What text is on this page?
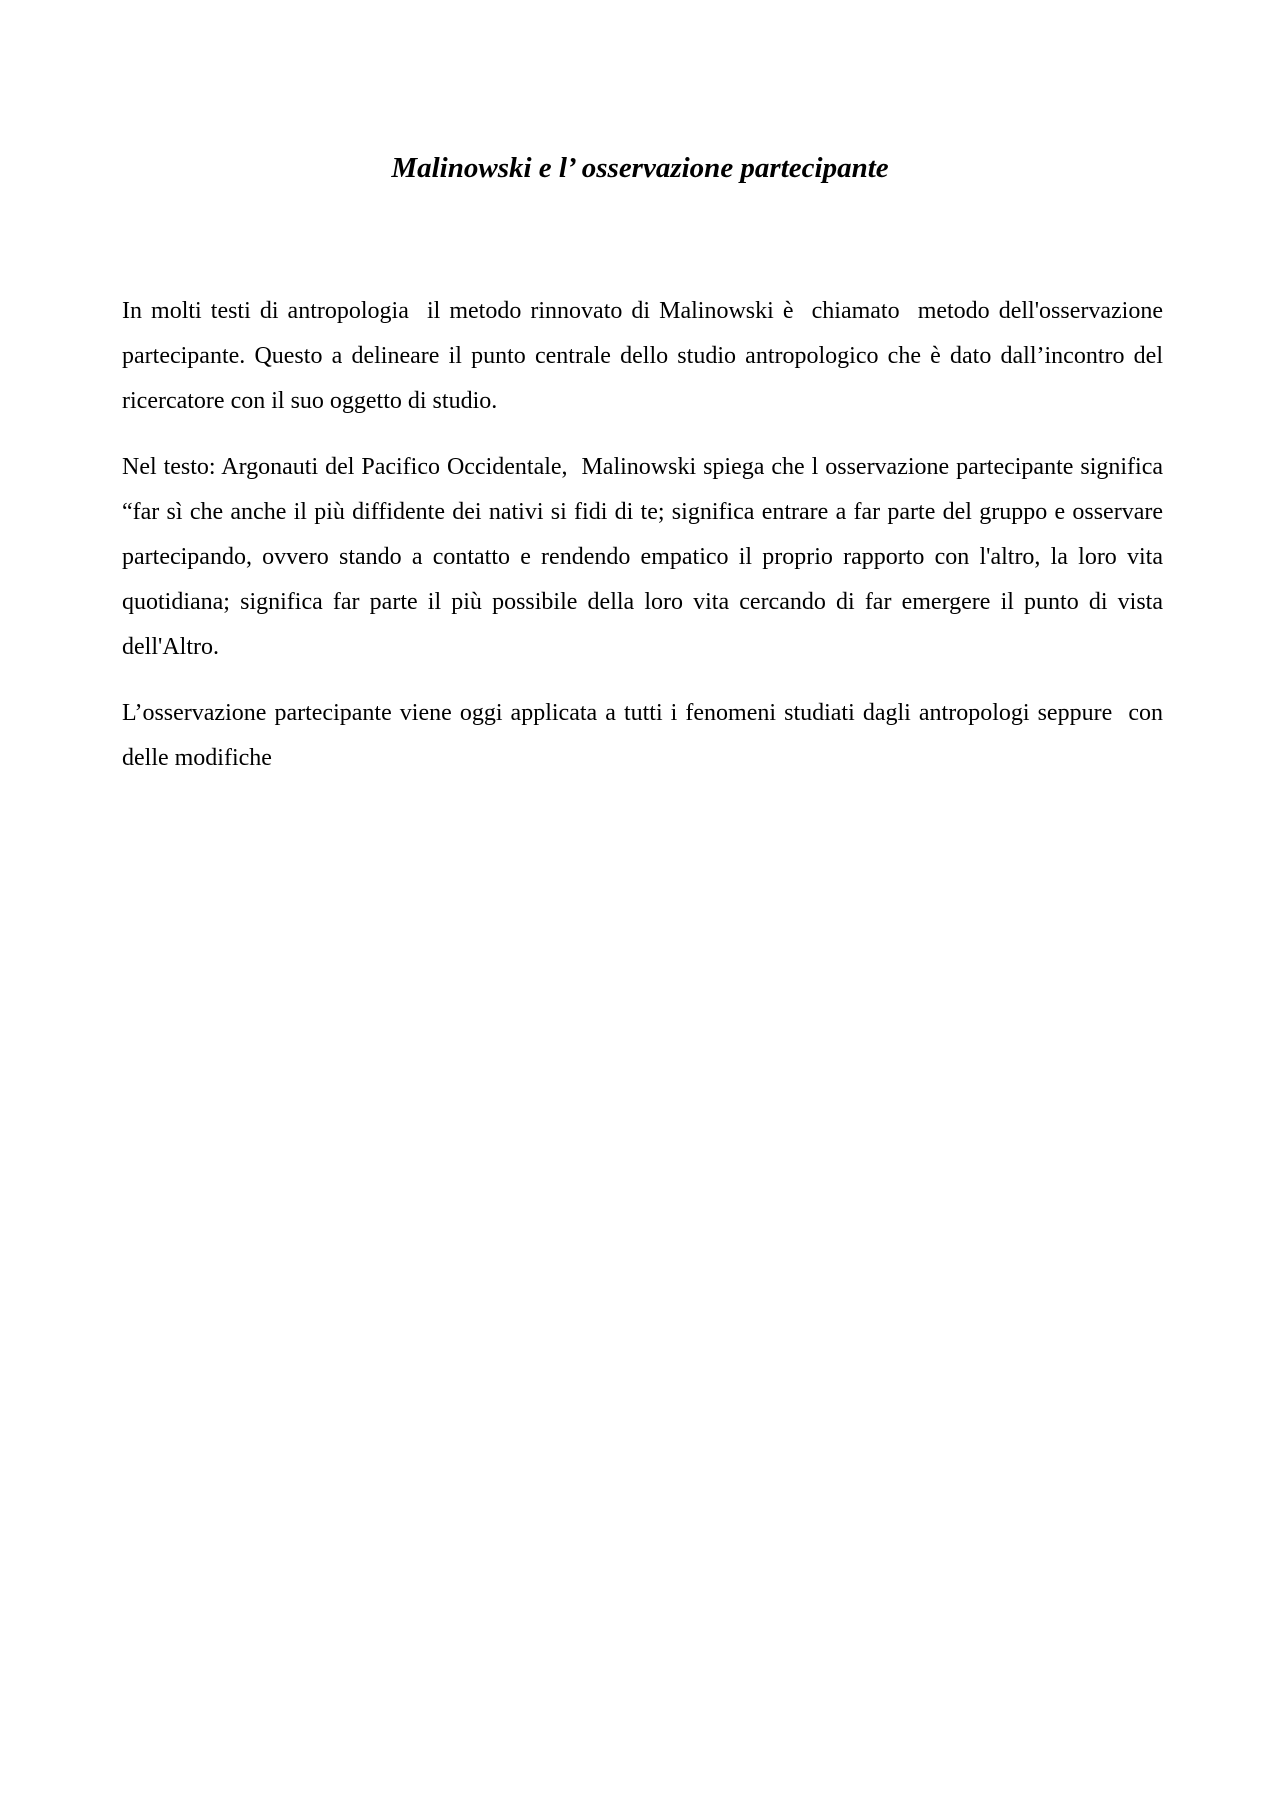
Malinowski e l’ osservazione partecipante

In molti testi di antropologia  il metodo rinnovato di Malinowski è  chiamato  metodo dell'osservazione partecipante. Questo a delineare il punto centrale dello studio antropologico che è dato dall’incontro del ricercatore con il suo oggetto di studio.

Nel testo: Argonauti del Pacifico Occidentale,  Malinowski spiega che l osservazione partecipante significa “far sì che anche il più diffidente dei nativi si fidi di te; significa entrare a far parte del gruppo e osservare partecipando, ovvero stando a contatto e rendendo empatico il proprio rapporto con l'altro, la loro vita quotidiana; significa far parte il più possibile della loro vita cercando di far emergere il punto di vista dell'Altro.

L’osservazione partecipante viene oggi applicata a tutti i fenomeni studiati dagli antropologi seppure  con delle modifiche
